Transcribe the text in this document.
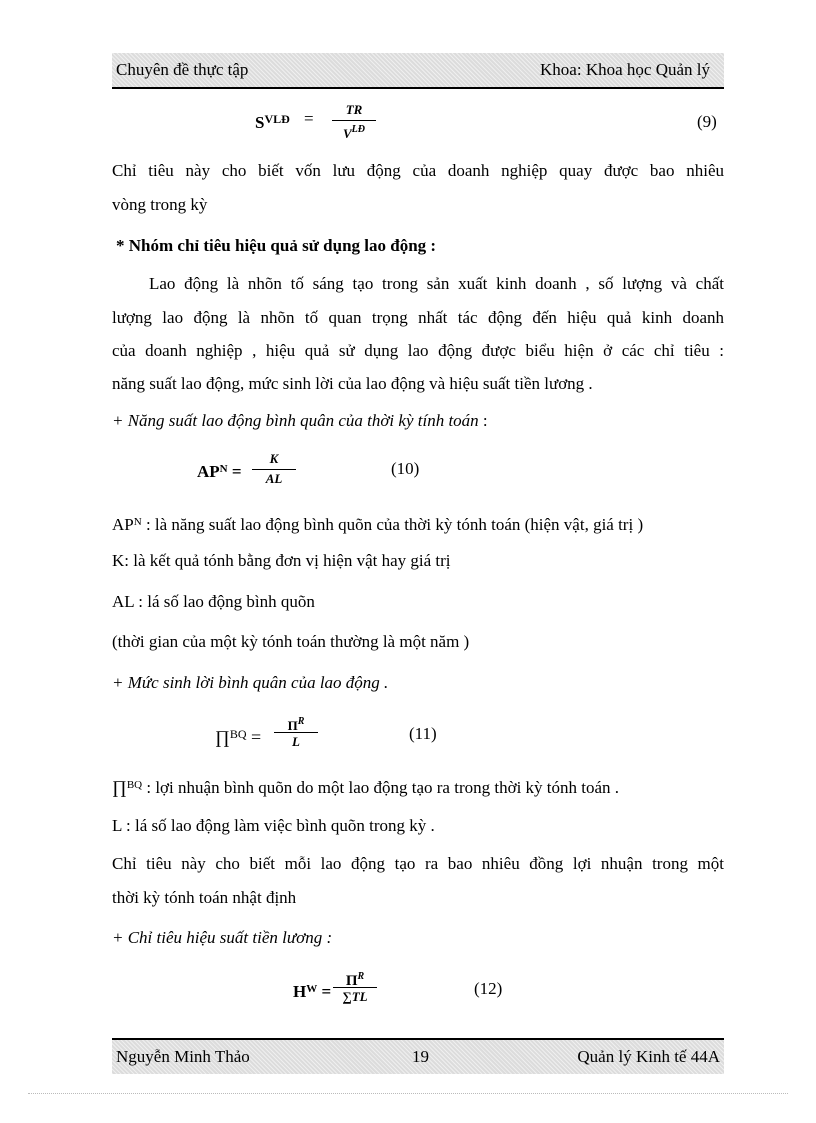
Chuyên đề thực tập	Khoa: Khoa học Quản lý
$S^{VLĐ}$ =	TR
$V^{LĐ}$	(9)
Chỉ tiêu này cho biết vốn lưu động của doanh nghiệp quay được bao nhiêu
vòng trong kỳ
* Nhóm chỉ tiêu hiệu quả sử dụng lao động :
Lao động là nhõn tố sáng tạo trong sản xuất kinh doanh , số lượng và chất
lượng lao động là nhõn tố quan trọng nhất tác động đến hiệu quả kinh doanh
của doanh nghiệp , hiệu quả sử dụng lao động được biểu hiện ở các chỉ tiêu :
năng suất lao động, mức sinh lời của lao động và hiệu suất tiền lương .
+ Năng suất lao động bình quân của thời kỳ tính toán :
$AP^N$ =
K
AL
(10)
$AP^N$ : là năng suất lao động bình quõn của thời kỳ tónh toán (hiện vật, giá trị )
K: là kết quả tónh bằng đơn vị hiện vật hay giá trị
AL : lá số lao động bình quõn
(thời gian của một kỳ tónh toán thường là một năm )
+ Mức sinh lời bình quân của lao động .
∏$^{BQ}$ =
$\Pi^R$
L	(11)
∏$^{BQ}$ : lợi nhuận bình quõn do một lao động tạo ra trong thời kỳ tónh toán .
L : lá số lao động làm việc bình quõn trong kỳ .
Chỉ tiêu này cho biết mỗi lao động tạo ra bao nhiêu đồng lợi nhuận trong một
thời kỳ tónh toán nhật định
+ Chỉ tiêu hiệu suất tiền lương :
$H^W$ =
$\Pi^R$
∑TL	(12)
Nguyễn Minh Thảo	19	Quản lý Kinh tế 44A
